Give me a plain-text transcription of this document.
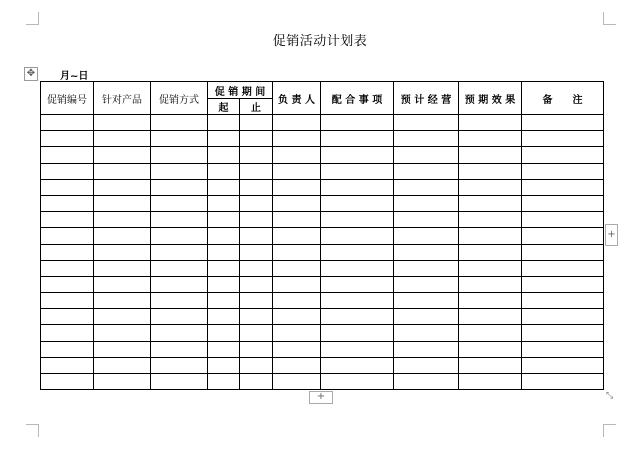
促销活动计划表
✥ 月~日
促销编号	针对产品	促销方式	促 销 期 间		负 责 人	配 合 事 项	预 计 经 营	预 期 效 果	备　　注
			起	止					

+
+
⤡
